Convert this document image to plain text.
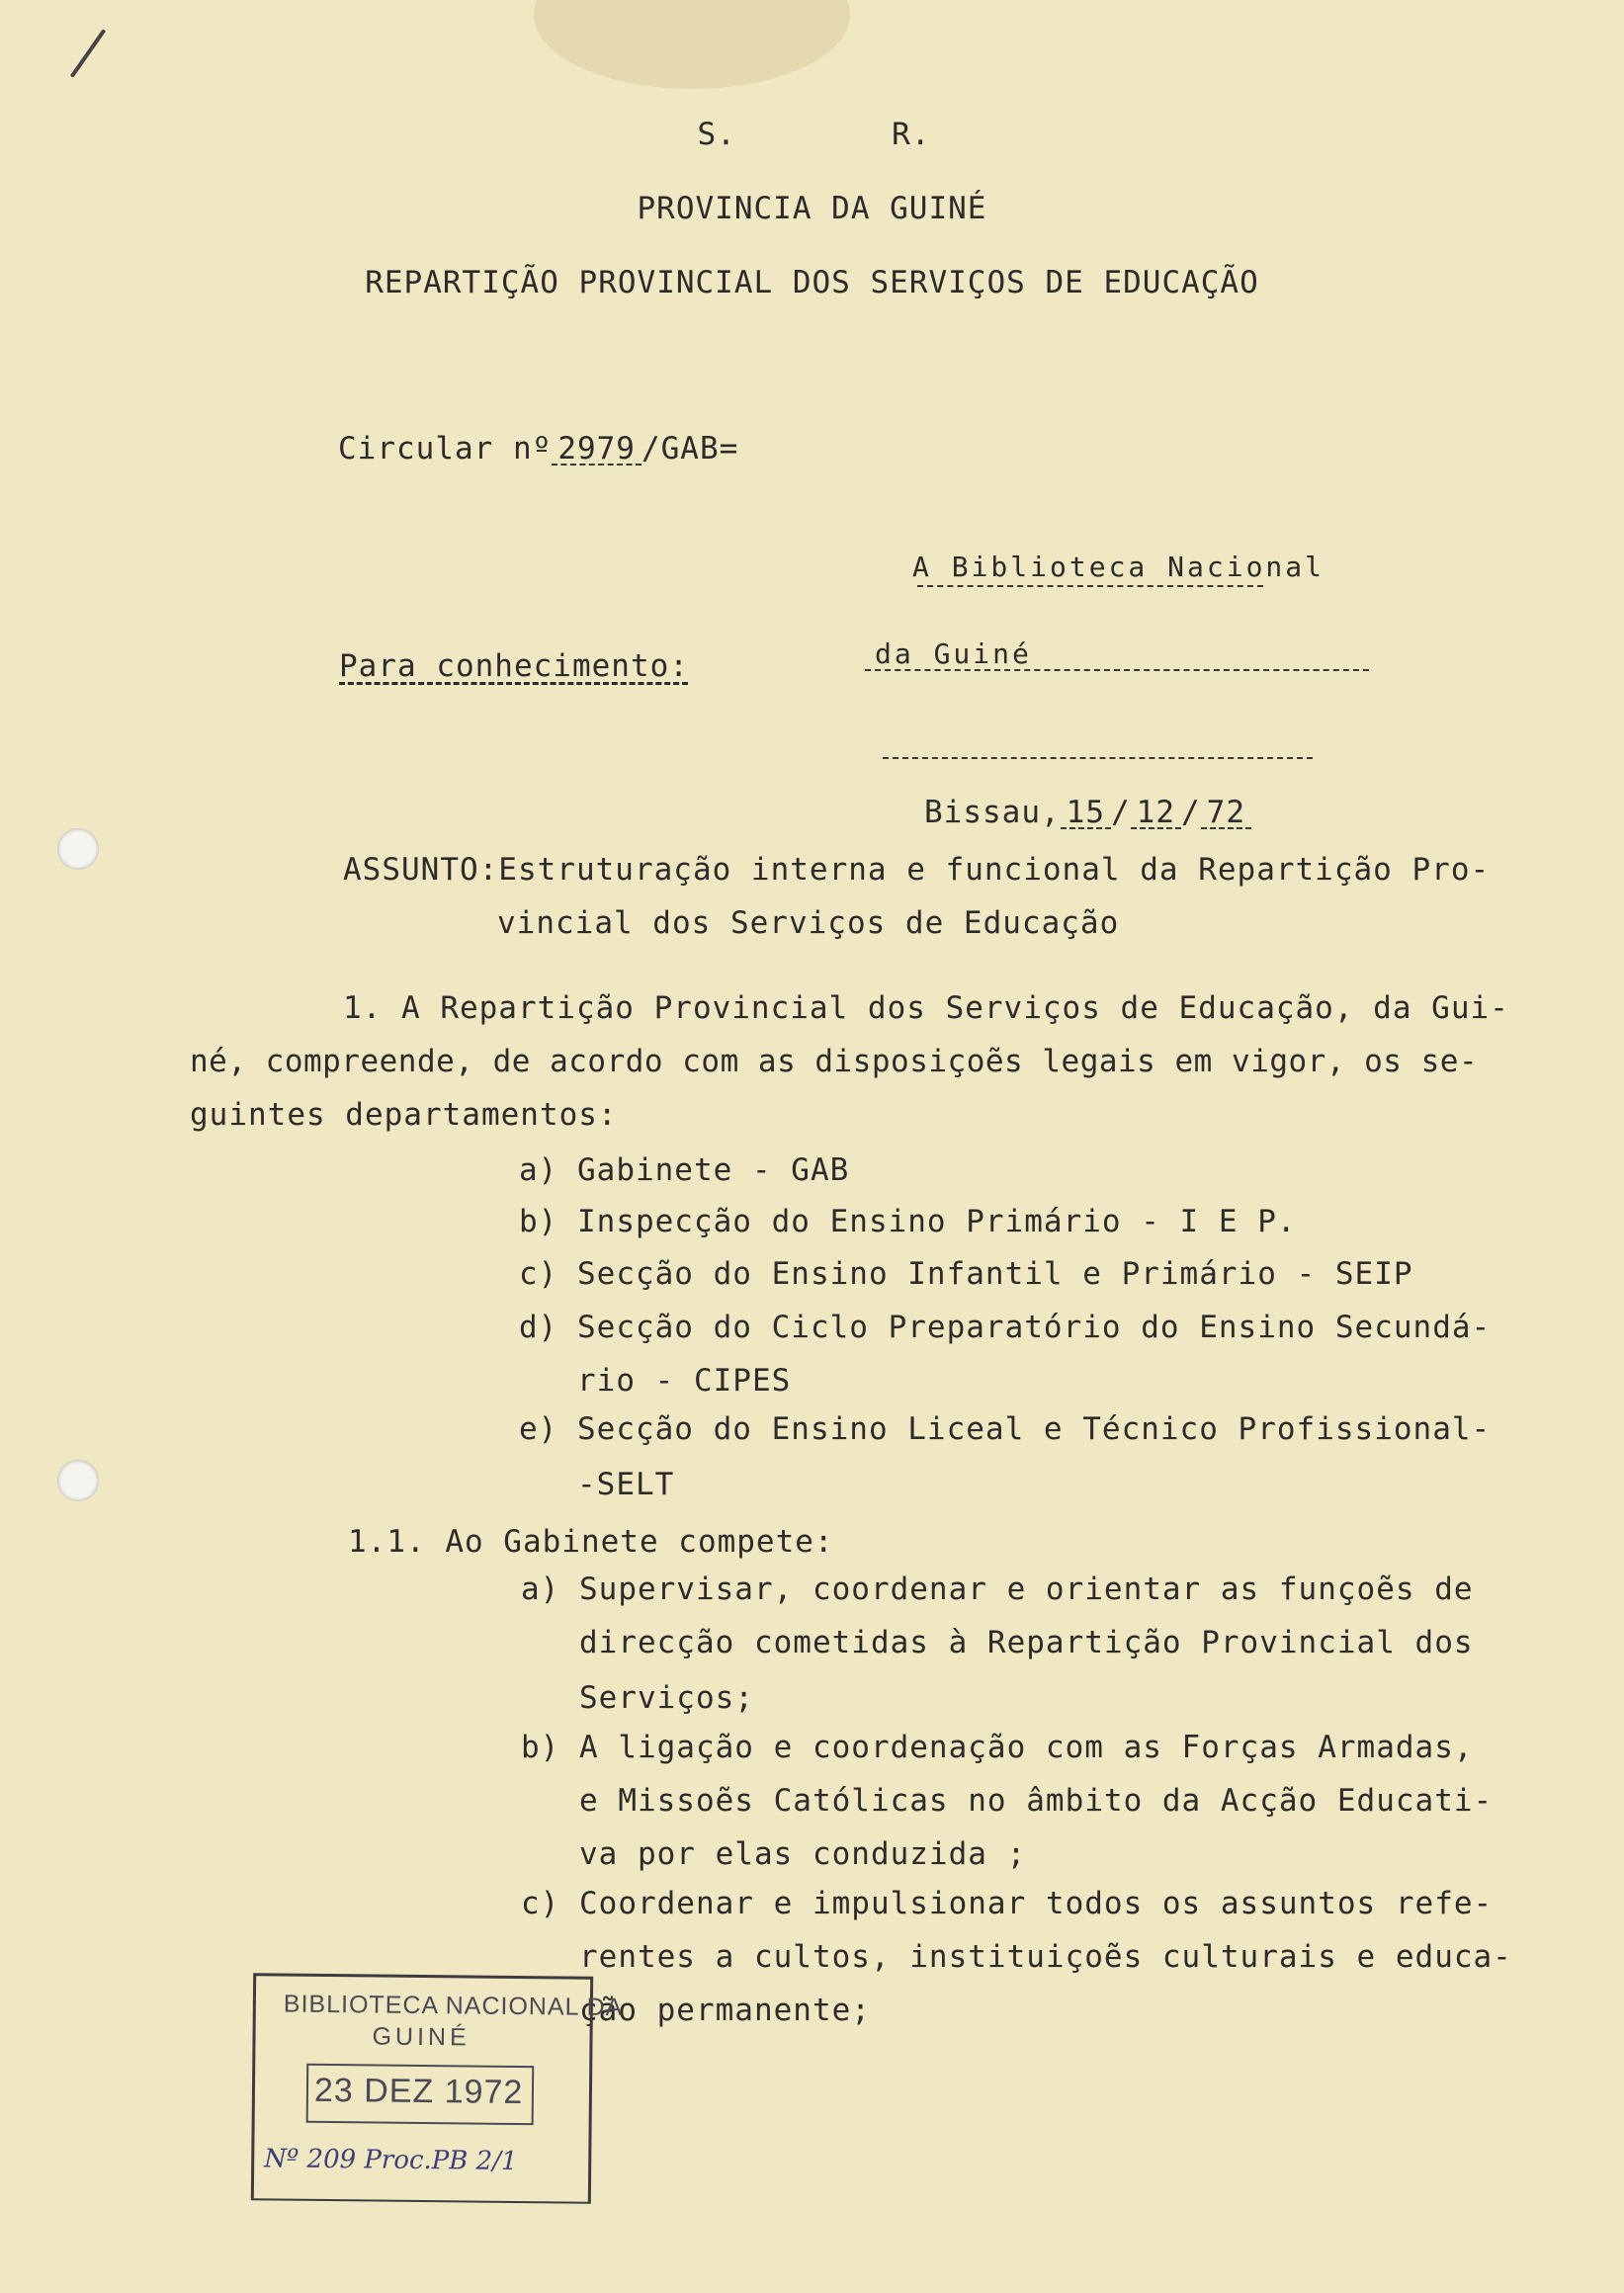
S.        R.
PROVINCIA DA GUINÉ
REPARTIÇÃO PROVINCIAL DOS SERVIÇOS DE EDUCAÇÃO
Circular nº 2979 /GAB=
A Biblioteca Nacional
Para conhecimento:	da Guiné
Bissau, 15 / 12 / 72
ASSUNTO:Estruturação interna e funcional da Repartição Pro-
vincial dos Serviços de Educação
1. A Repartição Provincial dos Serviços de Educação, da Gui-
né, compreende, de acordo com as disposiçoẽs legais em vigor, os se-
guintes departamentos:
a) Gabinete - GAB
b) Inspecção do Ensino Primário - I E P.
c) Secção do Ensino Infantil e Primário - SEIP
d) Secção do Ciclo Preparatório do Ensino Secundá-
rio - CIPES
e) Secção do Ensino Liceal e Técnico Profissional-
-SELT
1.1. Ao Gabinete compete:
a) Supervisar, coordenar e orientar as funçoẽs de
direcção cometidas à Repartição Provincial dos
Serviços;
b) A ligação e coordenação com as Forças Armadas,
e Missoẽs Católicas no âmbito da Acção Educati-
va por elas conduzida ;
c) Coordenar e impulsionar todos os assuntos refe-
rentes a cultos, instituiçoẽs culturais e educa-
ção permanente;
BIBLIOTECA NACIONAL DA
GUINÉ
23 DEZ 1972
Nº 209 Proc.PB 2/1
